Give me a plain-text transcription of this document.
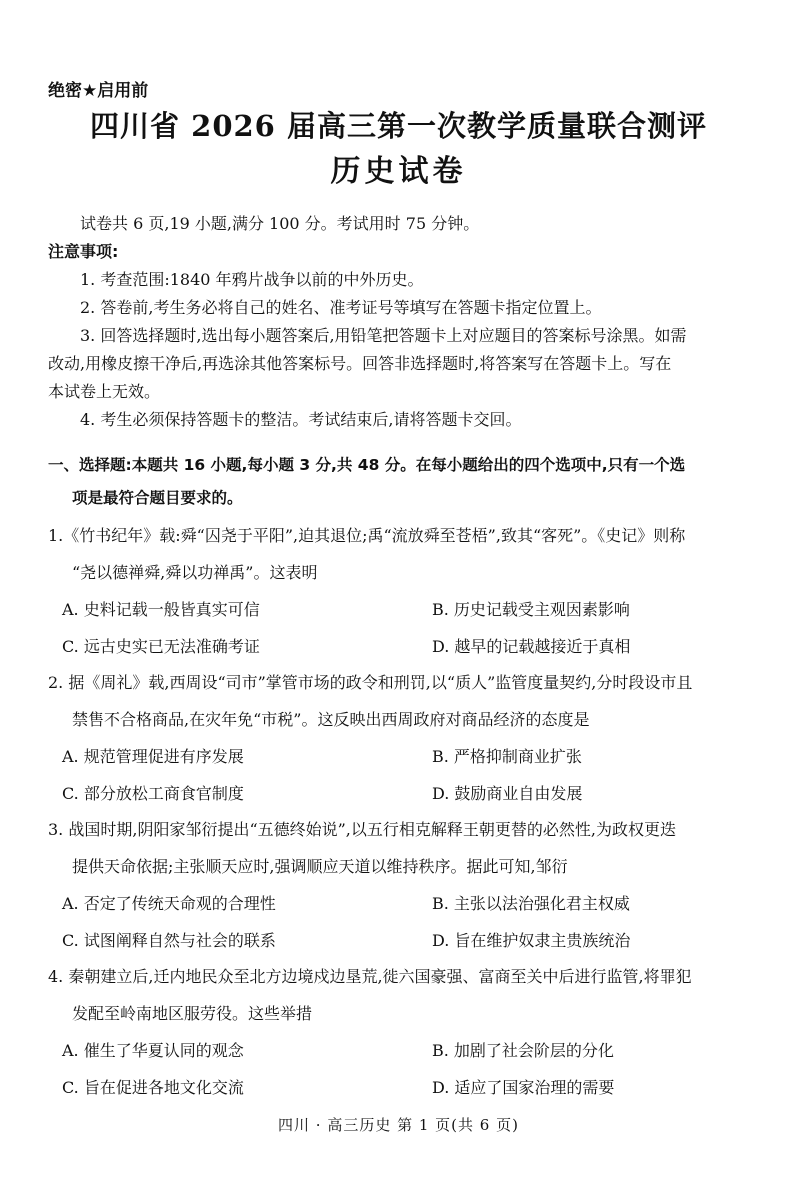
绝密★启用前
四川省 2026 届高三第一次教学质量联合测评
历史试卷
试卷共 6 页,19 小题,满分 100 分。考试用时 75 分钟。
注意事项:
1. 考查范围:1840 年鸦片战争以前的中外历史。
2. 答卷前,考生务必将自己的姓名、准考证号等填写在答题卡指定位置上。
3. 回答选择题时,选出每小题答案后,用铅笔把答题卡上对应题目的答案标号涂黑。如需
改动,用橡皮擦干净后,再选涂其他答案标号。回答非选择题时,将答案写在答题卡上。写在
本试卷上无效。
4. 考生必须保持答题卡的整洁。考试结束后,请将答题卡交回。
一、选择题:本题共 16 小题,每小题 3 分,共 48 分。在每小题给出的四个选项中,只有一个选
项是最符合题目要求的。
1.《竹书纪年》载:舜“囚尧于平阳”,迫其退位;禹“流放舜至苍梧”,致其“客死”。《史记》则称
“尧以德禅舜,舜以功禅禹”。这表明
A. 史料记载一般皆真实可信	B. 历史记载受主观因素影响
C. 远古史实已无法准确考证	D. 越早的记载越接近于真相
2. 据《周礼》载,西周设“司市”掌管市场的政令和刑罚,以“质人”监管度量契约,分时段设市且
禁售不合格商品,在灾年免“市税”。这反映出西周政府对商品经济的态度是
A. 规范管理促进有序发展	B. 严格抑制商业扩张
C. 部分放松工商食官制度	D. 鼓励商业自由发展
3. 战国时期,阴阳家邹衍提出“五德终始说”,以五行相克解释王朝更替的必然性,为政权更迭
提供天命依据;主张顺天应时,强调顺应天道以维持秩序。据此可知,邹衍
A. 否定了传统天命观的合理性	B. 主张以法治强化君主权威
C. 试图阐释自然与社会的联系	D. 旨在维护奴隶主贵族统治
4. 秦朝建立后,迁内地民众至北方边境戍边垦荒,徙六国豪强、富商至关中后进行监管,将罪犯
发配至岭南地区服劳役。这些举措
A. 催生了华夏认同的观念	B. 加剧了社会阶层的分化
C. 旨在促进各地文化交流	D. 适应了国家治理的需要
四川 · 高三历史 第 1 页(共 6 页)
